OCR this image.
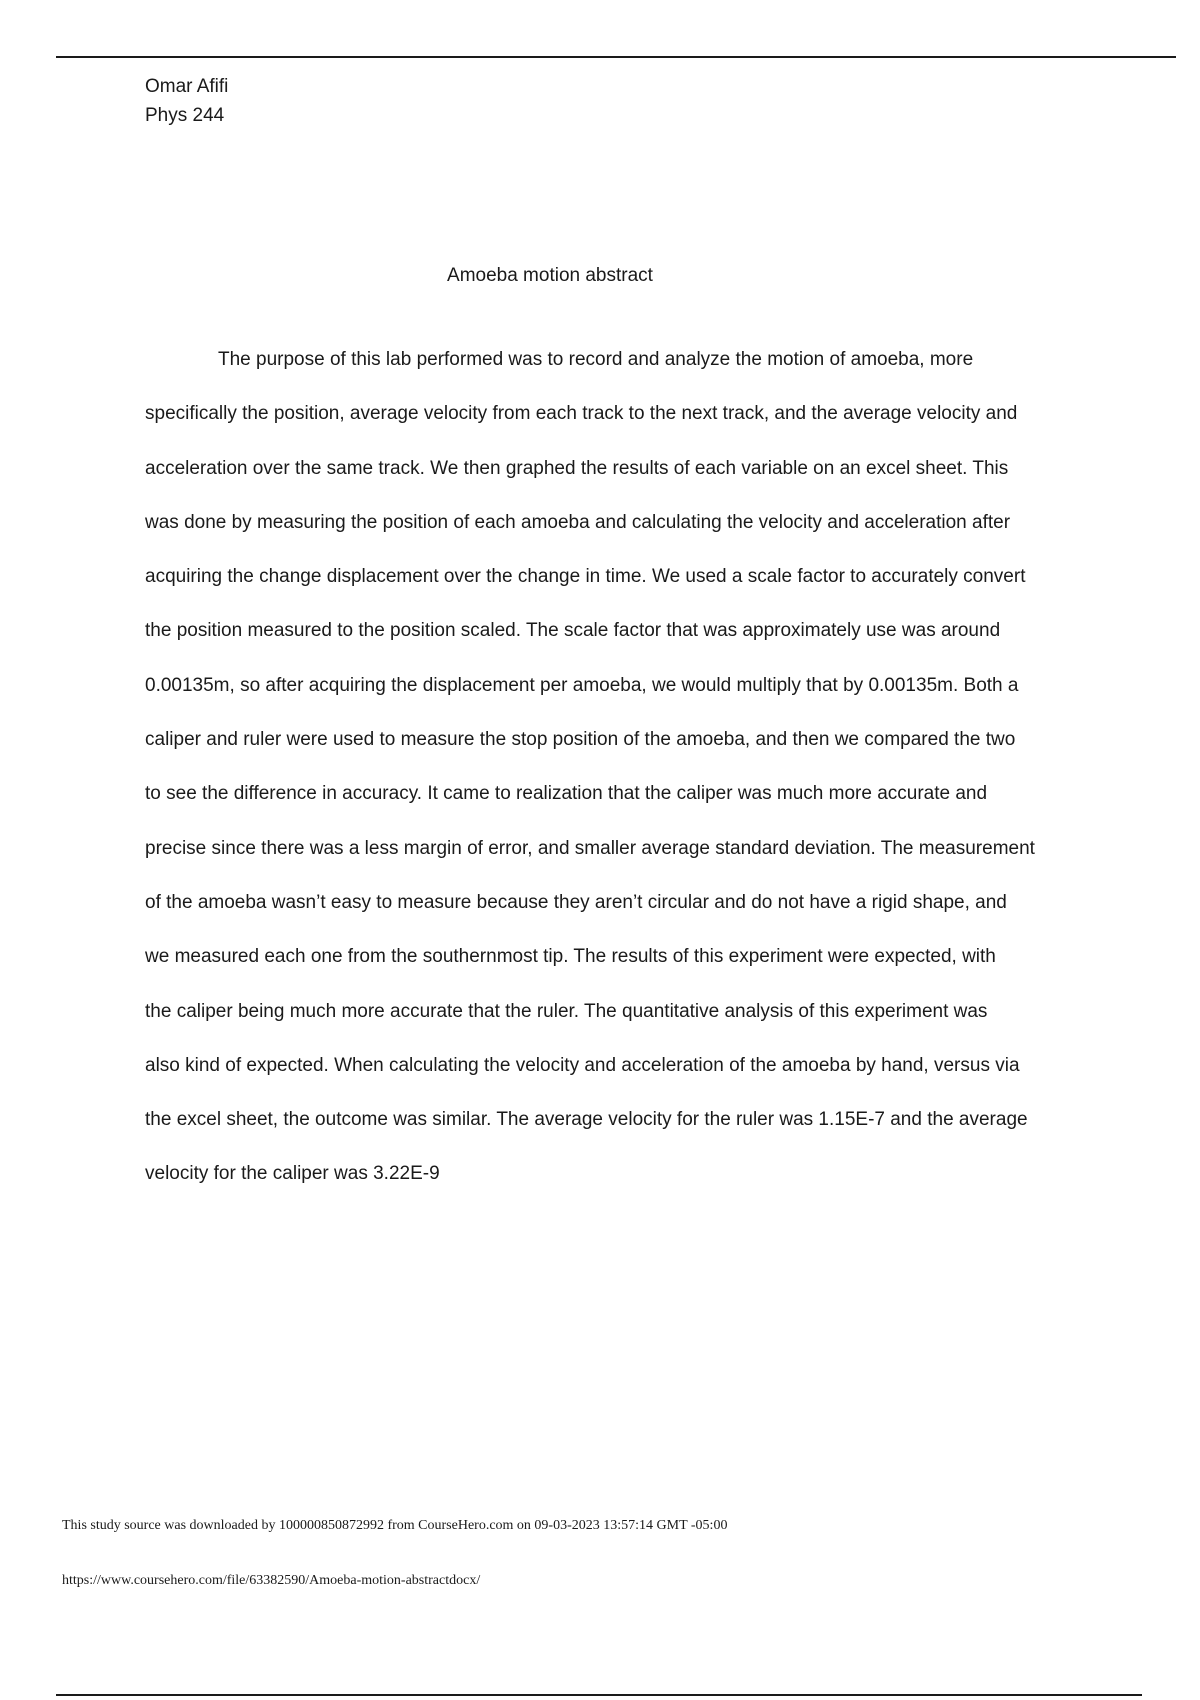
Omar Afifi
Phys 244
Amoeba motion abstract

The purpose of this lab performed was to record and analyze the motion of amoeba, more
specifically the position, average velocity from each track to the next track, and the average velocity and
acceleration over the same track. We then graphed the results of each variable on an excel sheet. This
was done by measuring the position of each amoeba and calculating the velocity and acceleration after
acquiring the change displacement over the change in time. We used a scale factor to accurately convert
the position measured to the position scaled. The scale factor that was approximately use was around
0.00135m, so after acquiring the displacement per amoeba, we would multiply that by 0.00135m. Both a
caliper and ruler were used to measure the stop position of the amoeba, and then we compared the two
to see the difference in accuracy. It came to realization that the caliper was much more accurate and
precise since there was a less margin of error, and smaller average standard deviation. The measurement
of the amoeba wasn’t easy to measure because they aren’t circular and do not have a rigid shape, and
we measured each one from the southernmost tip. The results of this experiment were expected, with
the caliper being much more accurate that the ruler. The quantitative analysis of this experiment was
also kind of expected. When calculating the velocity and acceleration of the amoeba by hand, versus via
the excel sheet, the outcome was similar. The average velocity for the ruler was 1.15E-7 and the average
velocity for the caliper was 3.22E-9

This study source was downloaded by 100000850872992 from CourseHero.com on 09-03-2023 13:57:14 GMT -05:00
https://www.coursehero.com/file/63382590/Amoeba-motion-abstractdocx/
